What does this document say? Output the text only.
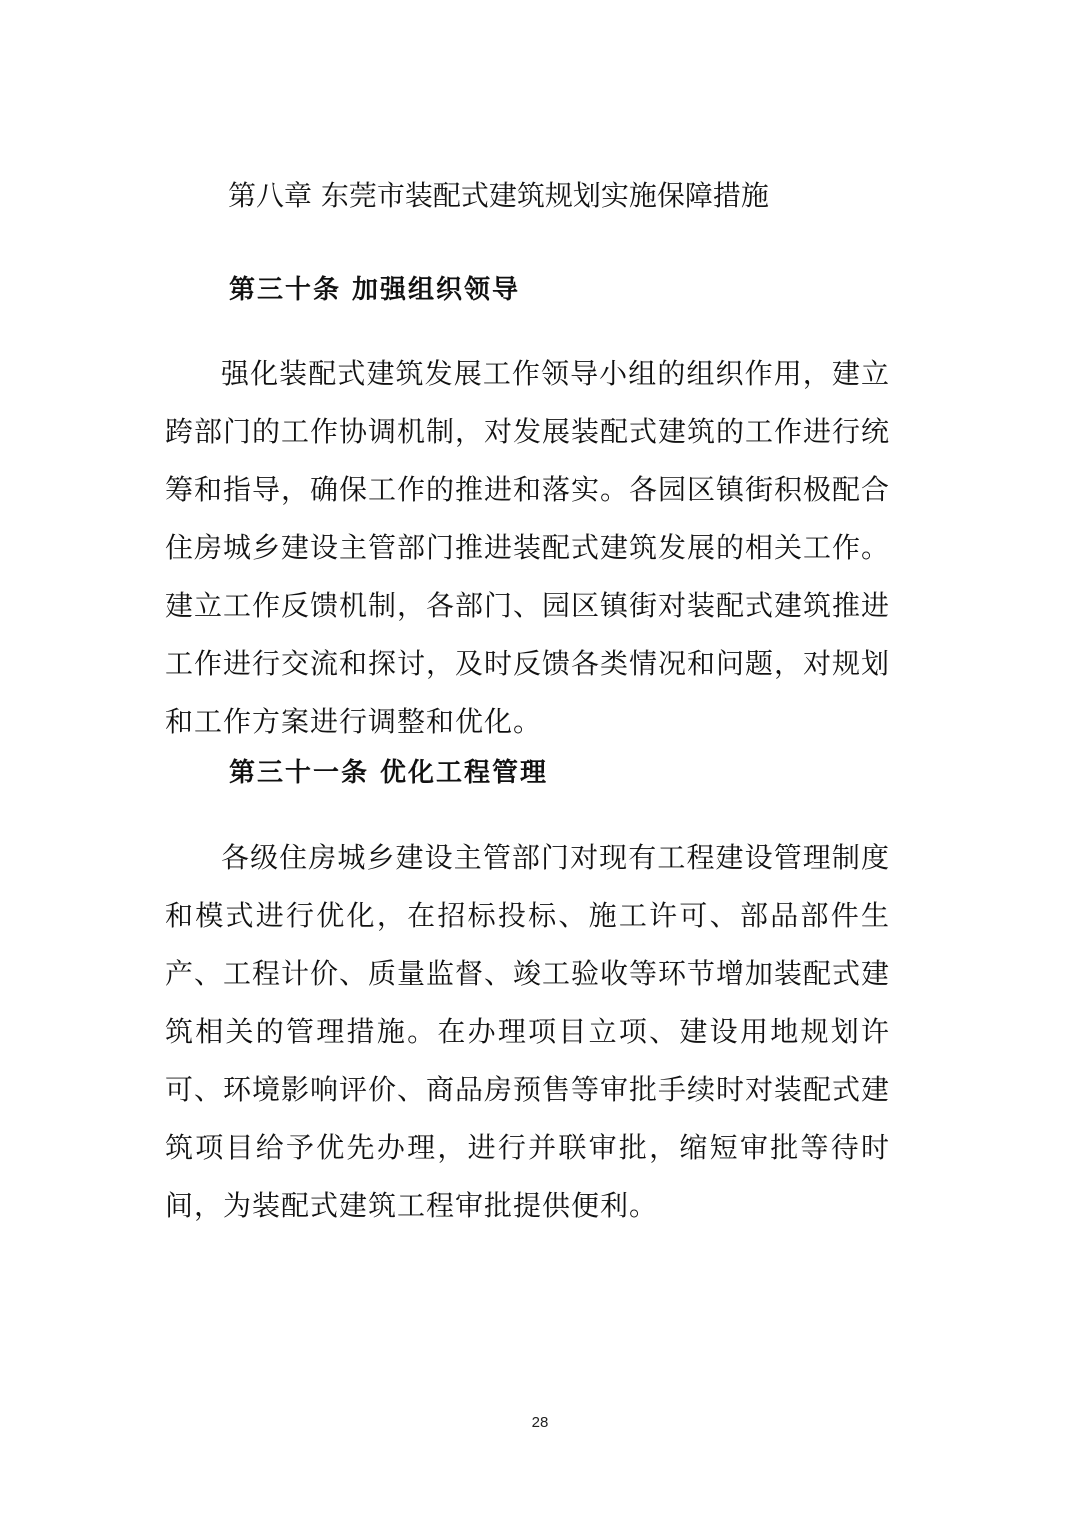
第八章 东莞市装配式建筑规划实施保障措施
第三十条 加强组织领导

强化装配式建筑发展工作领导小组的组织作用，建立跨部门的工作协调机制，对发展装配式建筑的工作进行统筹和指导，确保工作的推进和落实。各园区镇街积极配合住房城乡建设主管部门推进装配式建筑发展的相关工作。建立工作反馈机制，各部门、园区镇街对装配式建筑推进工作进行交流和探讨，及时反馈各类情况和问题，对规划和工作方案进行调整和优化。

第三十一条 优化工程管理

各级住房城乡建设主管部门对现有工程建设管理制度和模式进行优化，在招标投标、施工许可、部品部件生产、工程计价、质量监督、竣工验收等环节增加装配式建筑相关的管理措施。在办理项目立项、建设用地规划许可、环境影响评价、商品房预售等审批手续时对装配式建筑项目给予优先办理，进行并联审批，缩短审批等待时间，为装配式建筑工程审批提供便利。

28
